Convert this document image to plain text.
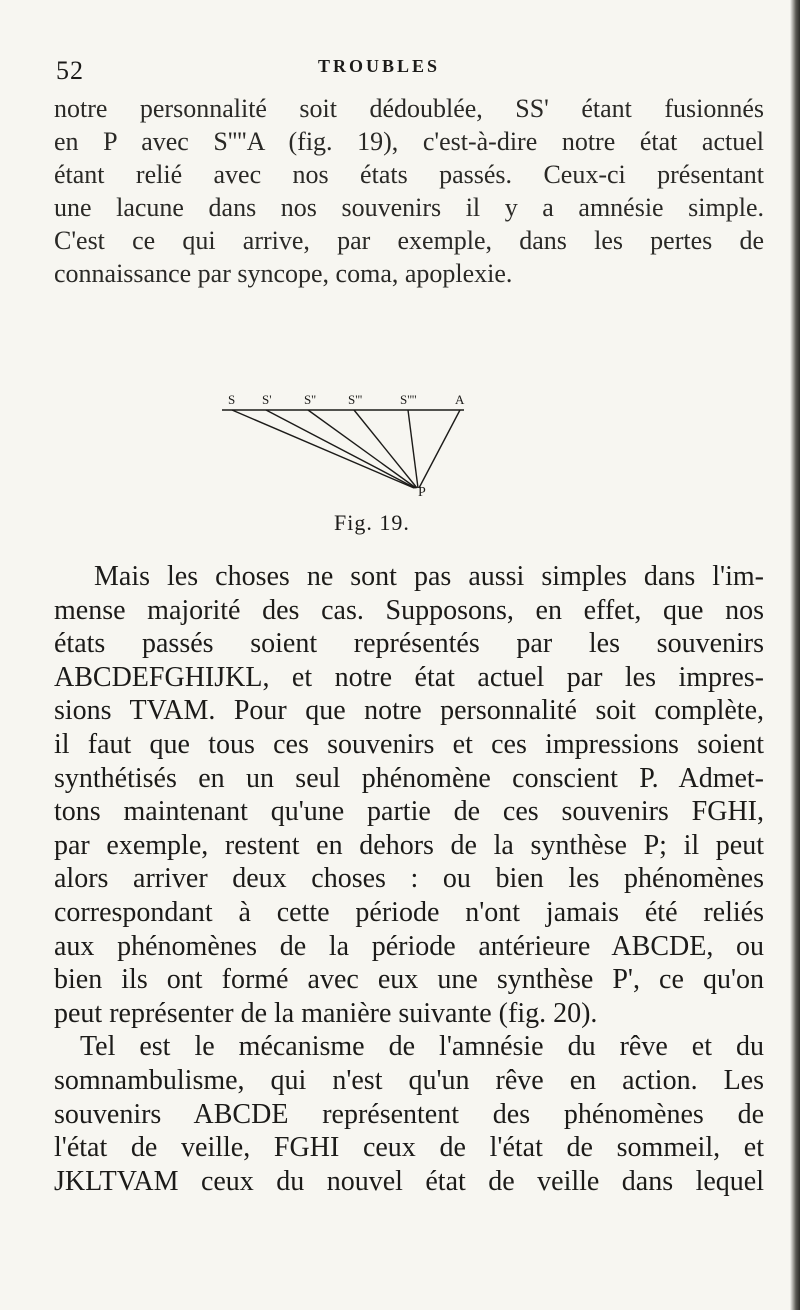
52	TROUBLES
notre personnalité soit dédoublée, SS' étant fusionnés
en P avec S''''A (fig. 19), c'est-à-dire notre état actuel
étant relié avec nos états passés. Ceux-ci présentant
une lacune dans nos souvenirs il y a amnésie simple.
C'est ce qui arrive, par exemple, dans les pertes de
connaissance par syncope, coma, apoplexie.
S S' S'' S'''	S''''	A
P
Fig. 19.
Mais les choses ne sont pas aussi simples dans l'im-
mense majorité des cas. Supposons, en effet, que nos
états passés soient représentés par les souvenirs
ABCDEFGHIJKL, et notre état actuel par les impres-
sions TVAM. Pour que notre personnalité soit complète,
il faut que tous ces souvenirs et ces impressions soient
synthétisés en un seul phénomène conscient P. Admet-
tons maintenant qu'une partie de ces souvenirs FGHI,
par exemple, restent en dehors de la synthèse P; il peut
alors arriver deux choses : ou bien les phénomènes
correspondant à cette période n'ont jamais été reliés
aux phénomènes de la période antérieure ABCDE, ou
bien ils ont formé avec eux une synthèse P', ce qu'on
peut représenter de la manière suivante (fig. 20).
Tel est le mécanisme de l'amnésie du rêve et du
somnambulisme, qui n'est qu'un rêve en action. Les
souvenirs ABCDE représentent des phénomènes de
l'état de veille, FGHI ceux de l'état de sommeil, et
JKLTVAM ceux du nouvel état de veille dans lequel
